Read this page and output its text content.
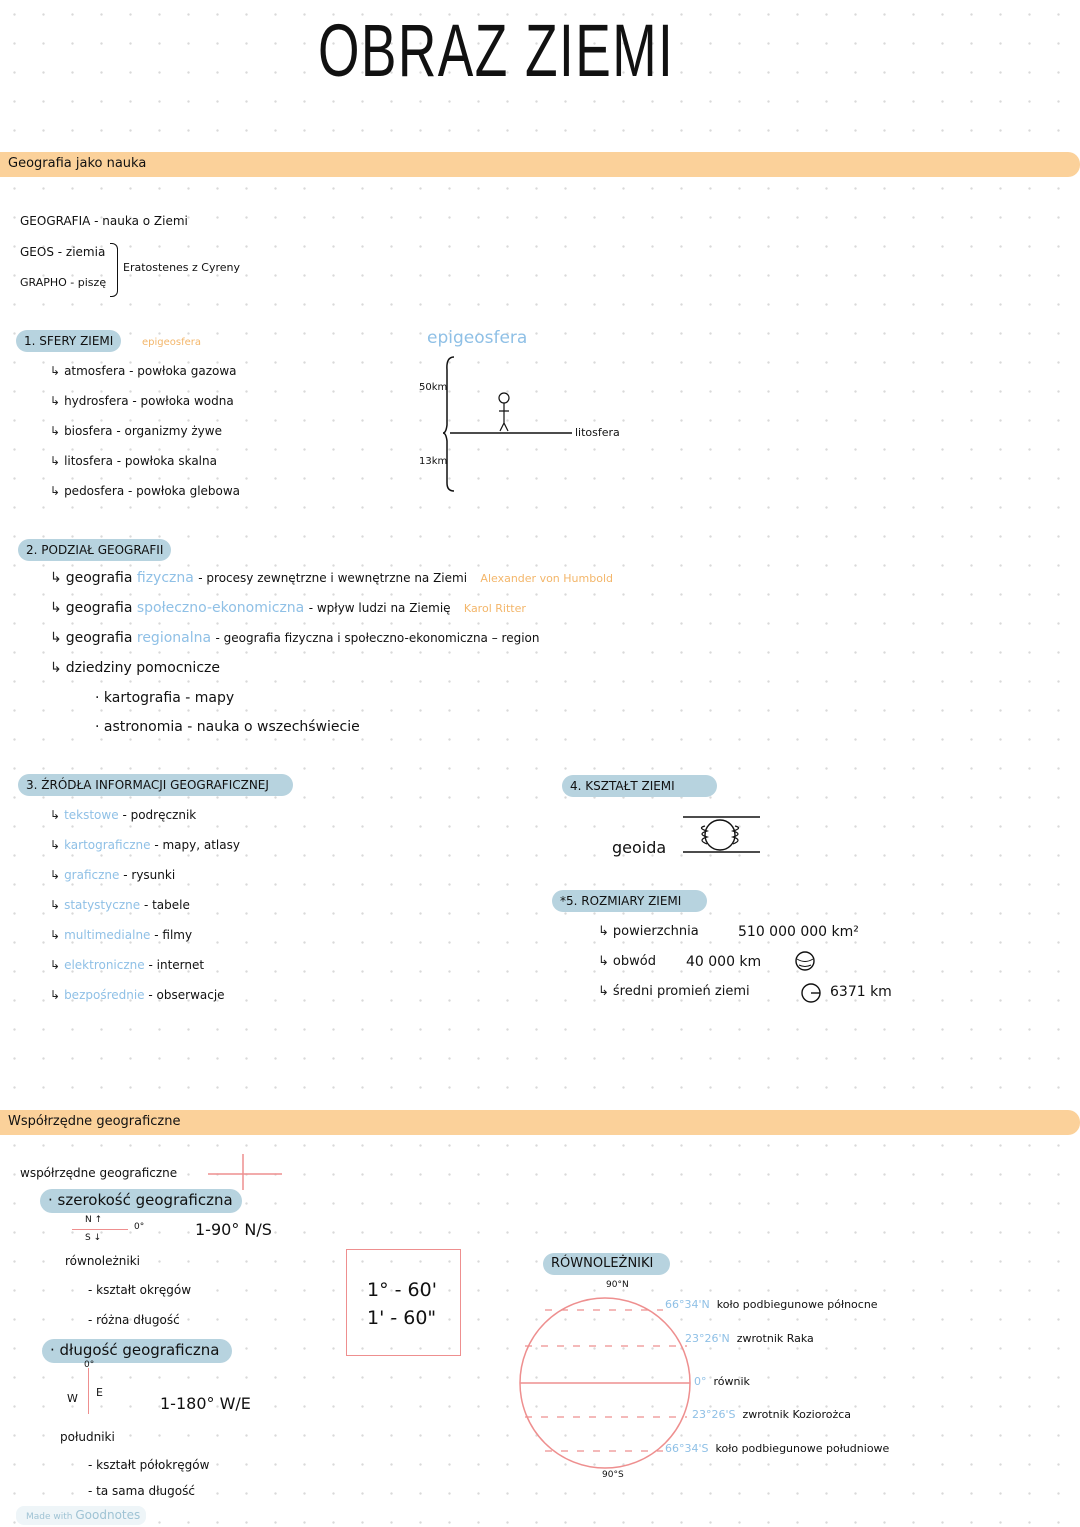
OBRAZ ZIEMI
Geografia jako nauka
GEOGRAFIA - nauka o Ziemi
GEOS - ziemia
GRAPHO - piszę
Eratostenes z Cyreny
1. SFERY ZIEMI	epigeosfera
↳ atmosfera - powłoka gazowa
↳ hydrosfera - powłoka wodna
↳ biosfera - organizmy żywe
↳ litosfera - powłoka skalna
↳ pedosfera - powłoka glebowa
epigeosfera
50km
13km
litosfera
2. PODZIAŁ GEOGRAFII
↳ geografia fizyczna - procesy zewnętrzne i wewnętrzne na Ziemi Alexander von Humbold
↳ geografia społeczno-ekonomiczna - wpływ ludzi na Ziemię Karol Ritter
↳ geografia regionalna - geografia fizyczna i społeczno-ekonomiczna – region
↳ dziedziny pomocnicze
· kartografia - mapy
· astronomia - nauka o wszechświecie
3. ŹRÓDŁA INFORMACJI GEOGRAFICZNEJ
↳ tekstowe - podręcznik
↳ kartograficzne - mapy, atlasy
↳ graficzne - rysunki
↳ statystyczne - tabele
↳ multimedialne - filmy
↳ elektroniczne - internet
↳ bezpośrednie - obserwacje
4. KSZTAŁT ZIEMI
geoida
*5. ROZMIARY ZIEMI
↳ powierzchnia	510 000 000 km²
↳ obwód 40 000 km
↳ średni promień ziemi	6371 km
Współrzędne geograficzne
współrzędne geograficzne
· szerokość geograficzna
N ↑
S ↓
0°	1-90° N/S
równoleżniki
- kształt okręgów
- różna długość
· długość geograficzna
0°
W E
1-180° W/E
południki
- kształt półokręgów
- ta sama długość
1° - 60'
1' - 60"
RÓWNOLEŻNIKI
90°N
90°S
66°34'N koło podbiegunowe północne
23°26'N zwrotnik Raka
0° równik
23°26'S zwrotnik Koziorożca
66°34'S koło podbiegunowe południowe
Made with Goodnotes
